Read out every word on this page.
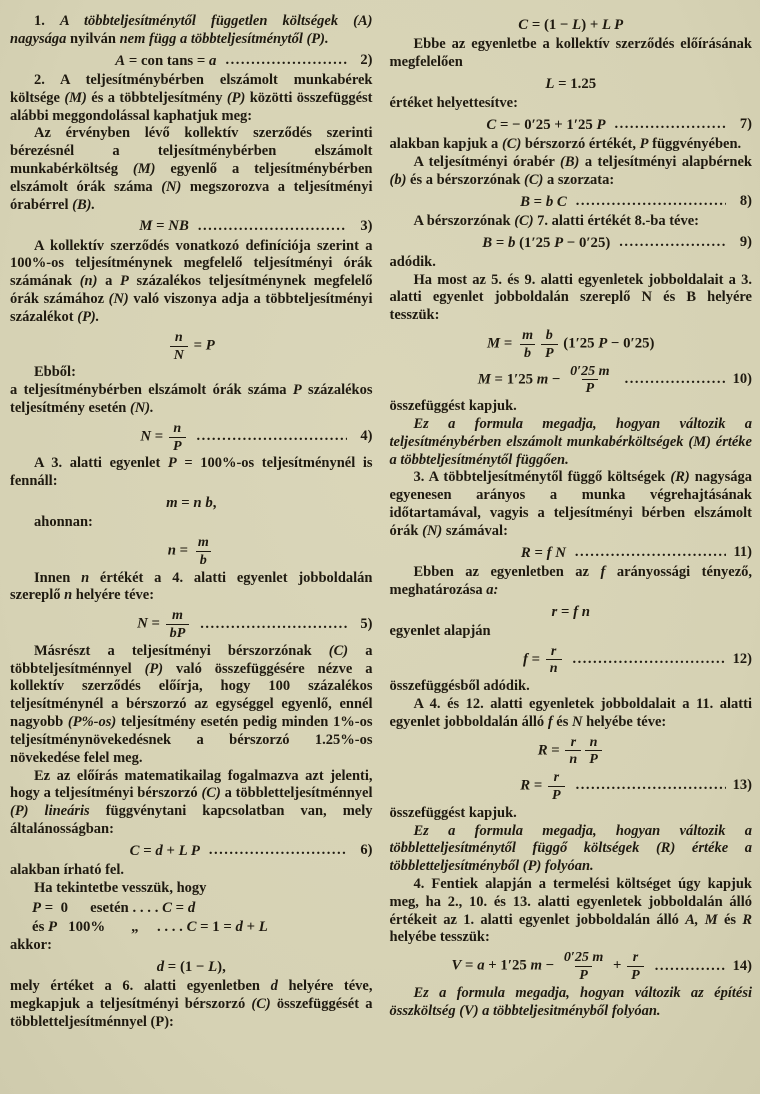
1. A többteljesítménytől független költségek (A) nagysága nyilván nem függ a többteljesítménytől (P).

A = con tans = a .....	2)

2. A teljesítménybérben elszámolt munkabérek költsége (M) és a többteljesítmény (P) közötti összefüggést alábbi meggondolással kaphatjuk meg:

Az érvényben lévő kollektív szerződés szerinti bérezésnél a teljesítménybérben elszámolt munkabérköltség (M) egyenlő a teljesítménybérben elszámolt órák száma (N) megszorozva a teljesítményi órabérrel (B).

M = NB .....	3)

A kollektív szerződés vonatkozó definíciója szerint a 100%-os teljesítménynek megfelelő teljesítményi órák számának (n) a P százalékos teljesítménynek megfelelő órák számához (N) való viszonya adja a többteljesítményi százalékot (P).

$\frac{n}{N} = P$

Ebből:

a teljesítménybérben elszámolt órák száma P százalékos teljesítmény esetén (N).

$N = \frac{n}{P}$ .....	4)

A 3. alatti egyenlet P = 100%-os teljesítménynél is fennáll:

m = n b,

ahonnan:

$n = \frac{m}{b}$

Innen n értékét a 4. alatti egyenlet jobboldalán szereplő n helyére téve:

$N = \frac{m}{bP}$ .....	5)

Másrészt a teljesítményi bérszorzónak (C) a többteljesítménnyel (P) való összefüggésére nézve a kollektív szerződés előírja, hogy 100 százalékos teljesítménynél a bérszorzó az egységgel egyenlő, ennél nagyobb (P%-os) teljesítmény esetén pedig minden 1%-os teljesítménynövekedésnek a bérszorzó 1.25%-os növekedése felel meg.

Ez az előírás matematikailag fogalmazva azt jelenti, hogy a teljesítményi bérszorzó (C) a többletteljesítménnyel (P) lineáris függvénytani kapcsolatban van, mely általánosságban:

C = d + L P .....	6)

alakban írható fel.

Ha tekintetbe vesszük, hogy

P =  0      esetén . . . . C = d
és P   100%       „     . . . . C = 1 = d + L

akkor:

d = (1 − L),

mely értéket a 6. alatti egyenletben d helyére téve, megkapjuk a teljesítményi bérszorzó (C) összefüggését a többletteljesítménnyel (P):

C = (1 − L) + L P

Ebbe az egyenletbe a kollektív szerződés előírásának megfelelően

L = 1.25

értéket helyettesítve:

C = − 0′25 + 1′25 P .....	7)

alakban kapjuk a (C) bérszorzó értékét, P függvényében.

A teljesítményi órabér (B) a teljesítményi alapbérnek (b) és a bérszorzónak (C) a szorzata:

B = b C .....	8)

A bérszorzónak (C) 7. alatti értékét 8.-ba téve:

B = b (1′25 P − 0′25) .....	9)

adódik.

Ha most az 5. és 9. alatti egyenletek jobboldalait a 3. alatti egyenlet jobboldalán szereplő N és B helyére tesszük:

$M = \frac{m}{b} \frac{b}{P} (1'25$ P − 0′25)
M = 1′25 $m - \frac{0'25 m}{P}$ .....	10)

összefüggést kapjuk.

Ez a formula megadja, hogyan változik a teljesítménybérben elszámolt munkabérköltségek (M) értéke a többteljesítménytől függően.

3. A többteljesítménytől függő költségek (R) nagysága egyenesen arányos a munka végrehajtásának időtartamával, vagyis a teljesítményi bérben elszámolt órák (N) számával:

R = f N .....	11)

Ebben az egyenletben az f arányossági tényező, meghatározása a:

r = f n

egyenlet alapján

$f = \frac{r}{n}$ .....	12)

összefüggésből adódik.

A 4. és 12. alatti egyenletek jobboldalait a 11. alatti egyenlet jobboldalán álló f és N helyébe téve:

$R = \frac{r}{n} \frac{n}{P}$
$R = \frac{r}{P}$ .....	13)

összefüggést kapjuk.

Ez a formula megadja, hogyan változik a többletteljesítménytől függő költségek (R) értéke a többletteljesítményből (P) folyóan.

4. Fentiek alapján a termelési költséget úgy kapjuk meg, ha 2., 10. és 13. alatti egyenletek jobboldalán álló értékeit az 1. alatti egyenlet jobboldalán álló A, M és R helyébe tesszük:

V = a + 1′25 $m - \frac{0'25 m}{P} + \frac{r}{P}$ .....	14)

Ez a formula megadja, hogyan változik az építési összköltség (V) a többteljesitményből folyóan.
